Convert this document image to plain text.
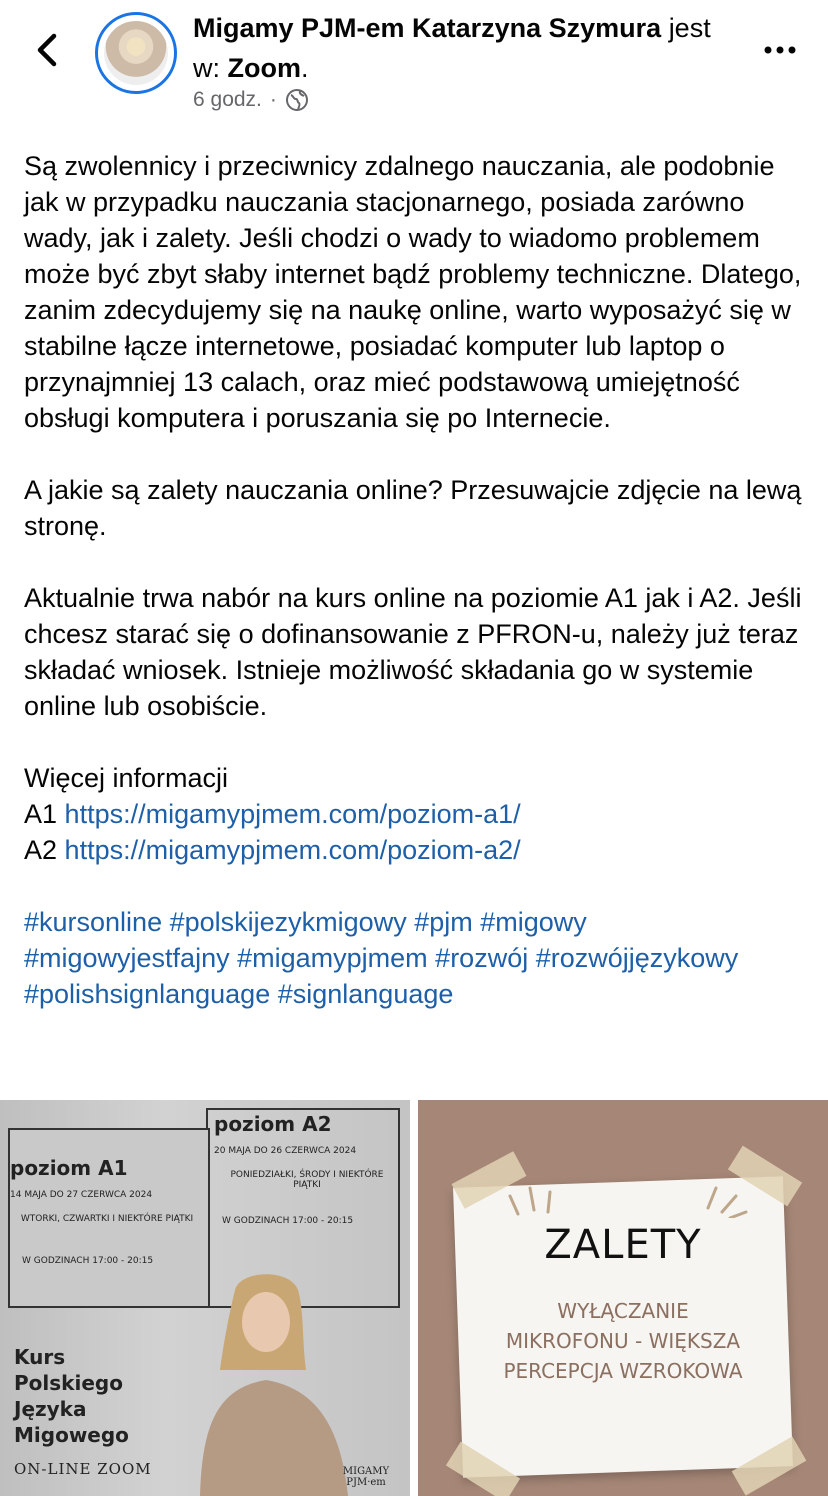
Migamy PJM-em Katarzyna Szymura jest w: Zoom.
6 godz. ·

Są zwolennicy i przeciwnicy zdalnego nauczania, ale podobnie jak w przypadku nauczania stacjonarnego, posiada zarówno wady, jak i zalety. Jeśli chodzi o wady to wiadomo problemem może być zbyt słaby internet bądź problemy techniczne. Dlatego, zanim zdecydujemy się na naukę online, warto wyposażyć się w stabilne łącze internetowe, posiadać komputer lub laptop o przynajmniej 13 calach, oraz mieć podstawową umiejętność obsługi komputera i poruszania się po Internecie.

A jakie są zalety nauczania online? Przesuwajcie zdjęcie na lewą stronę.

Aktualnie trwa nabór na kurs online na poziomie A1 jak i A2. Jeśli chcesz starać się o dofinansowanie z PFRON-u, należy już teraz składać wniosek. Istnieje możliwość składania go w systemie online lub osobiście.

Więcej informacji
A1 https://migamypjmem.com/poziom-a1/
A2 https://migamypjmem.com/poziom-a2/
#kursonline #polskijezykmigowy #pjm #migowy #migowyjestfajny #migamypjmem #rozwój #rozwójjęzykowy #polishsignlanguage #signlanguage
poziom A2
20 MAJA DO 26 CZERWCA 2024
PONIEDZIAŁKI, ŚRODY I NIEKTÓRE PIĄTKI
W GODZINACH 17:00 - 20:15
poziom A1
14 MAJA DO 27 CZERWCA 2024
WTORKI, CZWARTKI I NIEKTÓRE PIĄTKI
W GODZINACH 17:00 - 20:15
Kurs Polskiego Języka Migowego
ON-LINE ZOOM	MIGAMY PJM·em
ZALETY
WYŁĄCZANIE MIKROFONU - WIĘKSZA PERCEPCJA WZROKOWA
